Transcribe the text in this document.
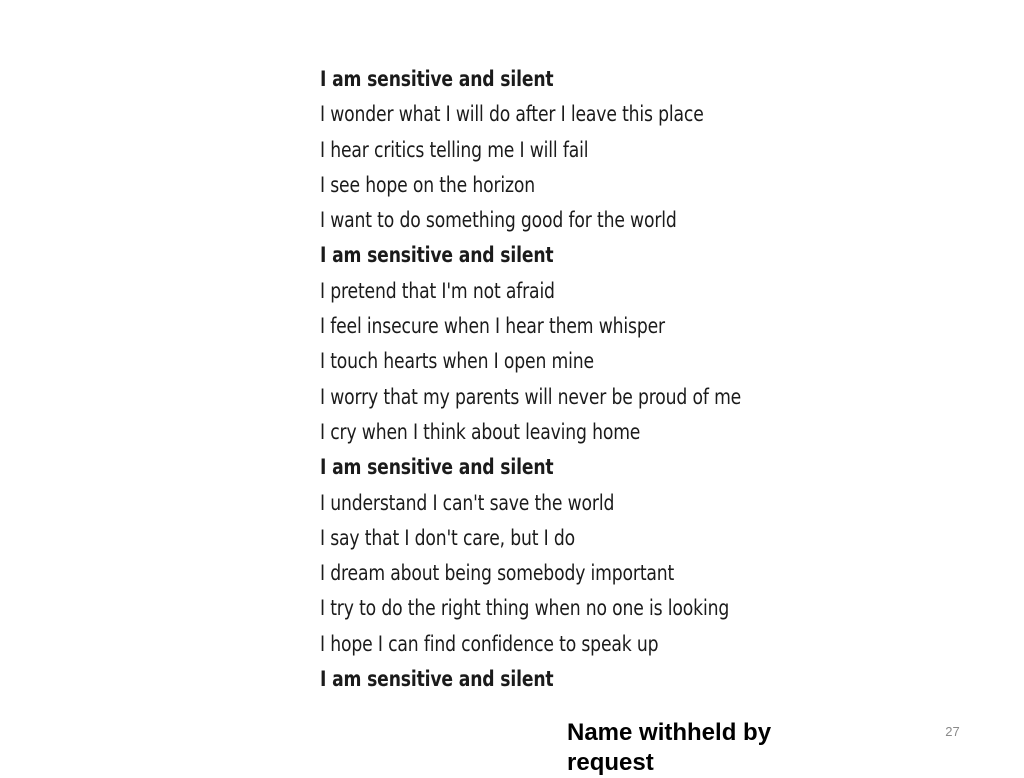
I am sensitive and silent
I wonder what I will do after I leave this place
I hear critics telling me I will fail
I see hope on the horizon
I want to do something good for the world
I am sensitive and silent
I pretend that I'm not afraid
I feel insecure when I hear them whisper
I touch hearts when I open mine
I worry that my parents will never be proud of me
I cry when I think about leaving home
I am sensitive and silent
I understand I can't save the world
I say that I don't care, but I do
I dream about being somebody important
I try to do the right thing when no one is looking
I hope I can find confidence to speak up
I am sensitive and silent

Name withheld by request

27
